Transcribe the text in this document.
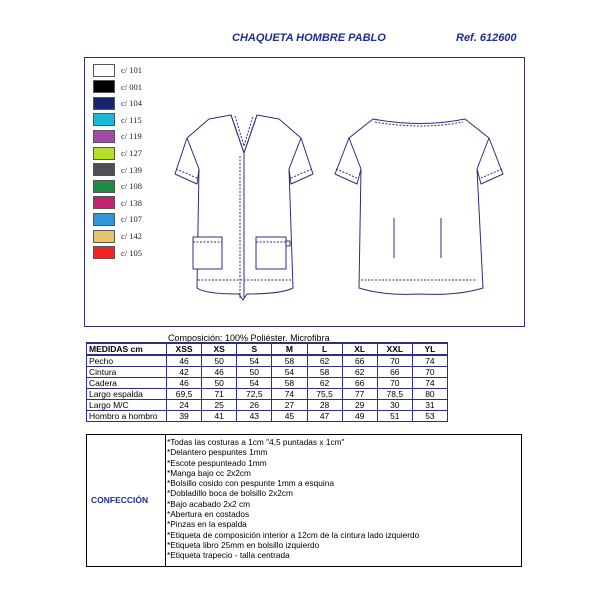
CHAQUETA HOMBRE PABLO	Ref. 612600
c/ 101
c/ 001
c/ 104
c/ 115
c/ 119
c/ 127
c/ 139
c/ 108
c/ 138
c/ 107
c/ 142
c/ 105
Composición: 100% Poliéster. Microfibra
MEDIDAS cm	XSS	XS	S	M	L	XL	XXL	YL
Pecho	46	50	54	58	62	66	70	74
Cintura	42	46	50	54	58	62	66	70
Cadera	46	50	54	58	62	66	70	74
Largo espalda	69,5	71	72,5	74	75,5	77	78,5	80
Largo M/C	24	25	26	27	28	29	30	31
Hombro a hombro	39	41	43	45	47	49	51	53
CONFECCIÓN
*Todas las costuras a 1cm "4,5 puntadas x 1cm"
*Delantero pespuntes 1mm
*Escote pespunteado 1mm
*Manga bajo cc 2x2cm
*Bolsillo cosido con pespunte 1mm a esquina
*Dobladillo boca de bolsillo 2x2cm
*Bajo acabado 2x2 cm
*Abertura en costados
*Pinzas en la espalda
*Etiqueta de composición interior a 12cm de la cintura lado izquierdo
*Etiqueta libro 25mm en bolsillo izquierdo
*Etiqueta trapecio - talla centrada
